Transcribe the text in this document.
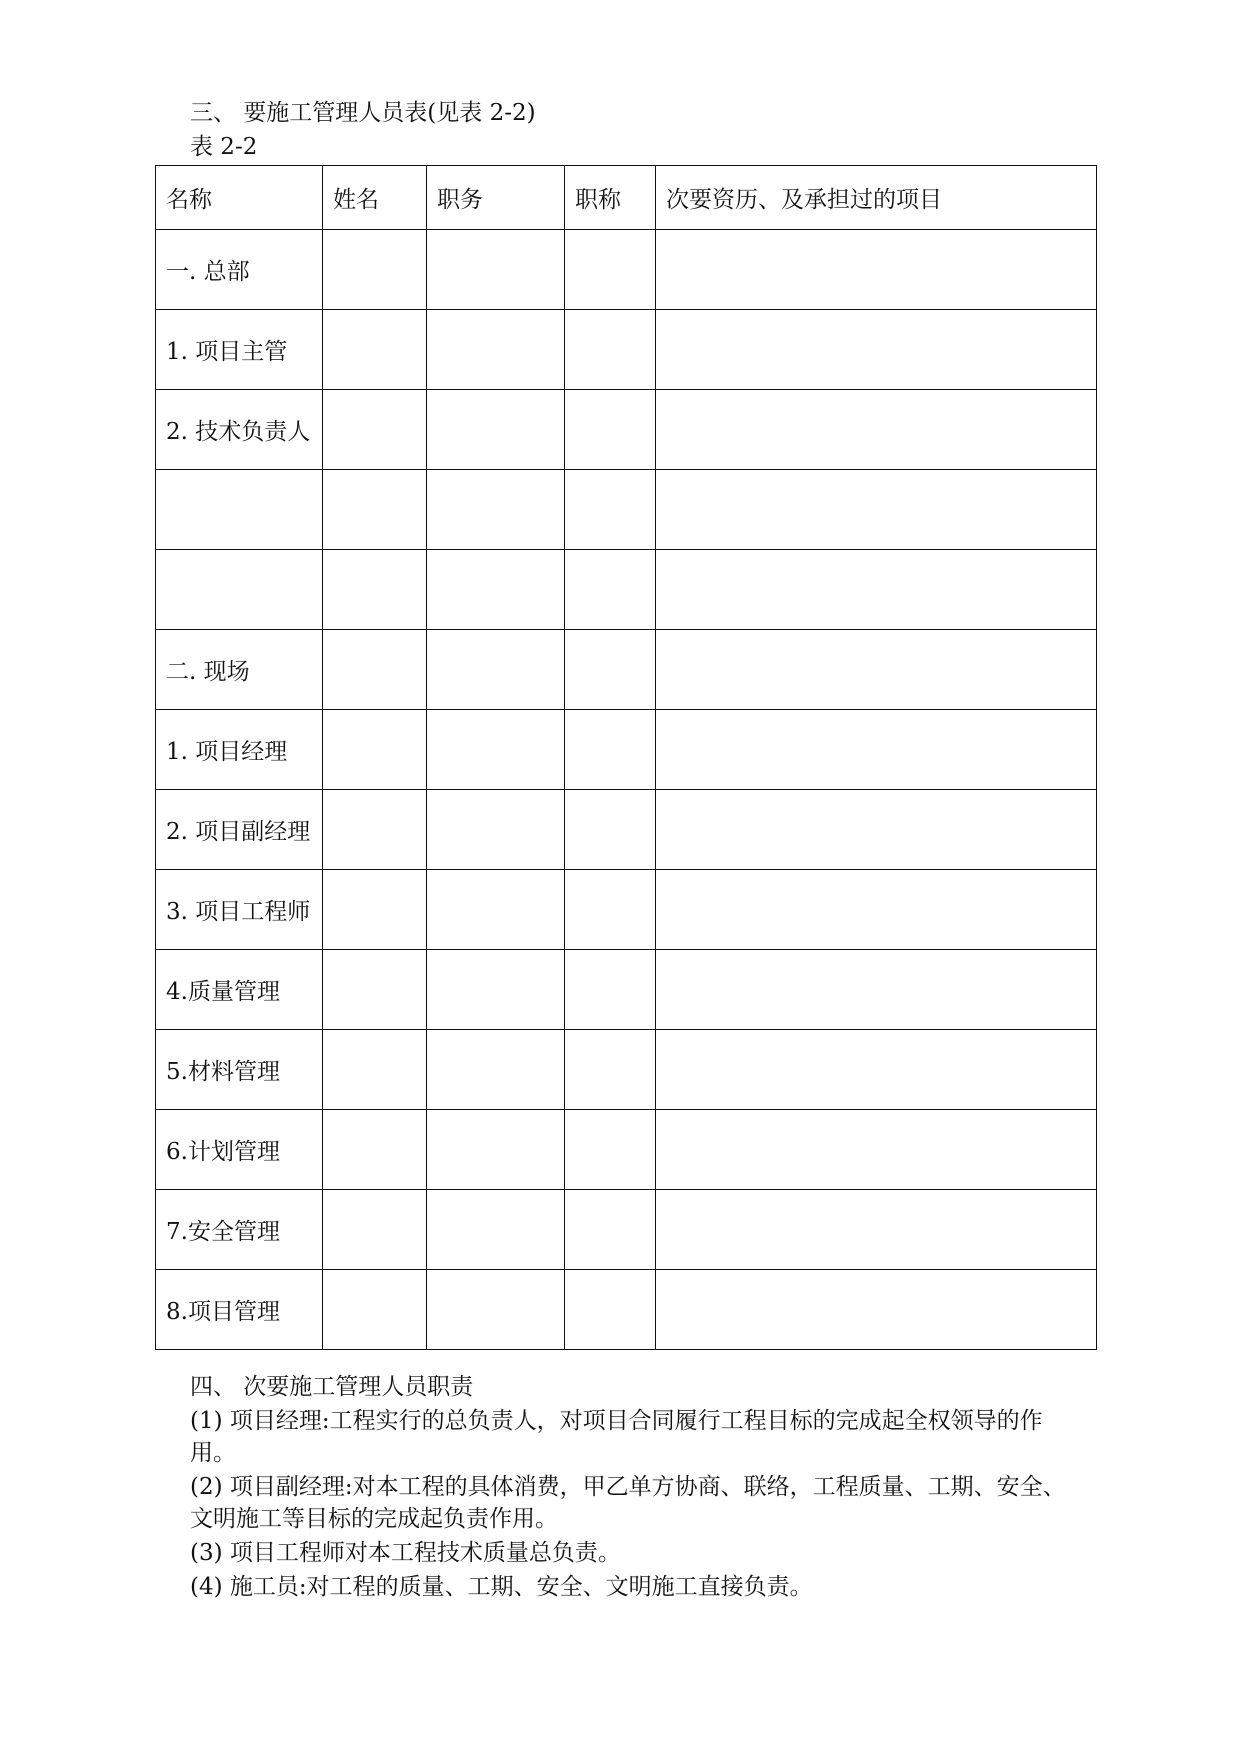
三、 要施工管理人员表(见表 2-2)
表 2-2
名称	姓名	职务	职称	次要资历、及承担过的项目
一. 总部				
1. 项目主管				
2. 技术负责人				

二. 现场				
1. 项目经理				
2. 项目副经理				
3. 项目工程师				
4.质量管理				
5.材料管理				
6.计划管理				
7.安全管理				
8.项目管理				

四、 次要施工管理人员职责

(1) 项目经理:工程实行的总负责人，对项目合同履行工程目标的完成起全权领导的作用。

(2) 项目副经理:对本工程的具体消费，甲乙单方协商、联络，工程质量、工期、安全、文明施工等目标的完成起负责作用。

(3) 项目工程师对本工程技术质量总负责。

(4) 施工员:对工程的质量、工期、安全、文明施工直接负责。
